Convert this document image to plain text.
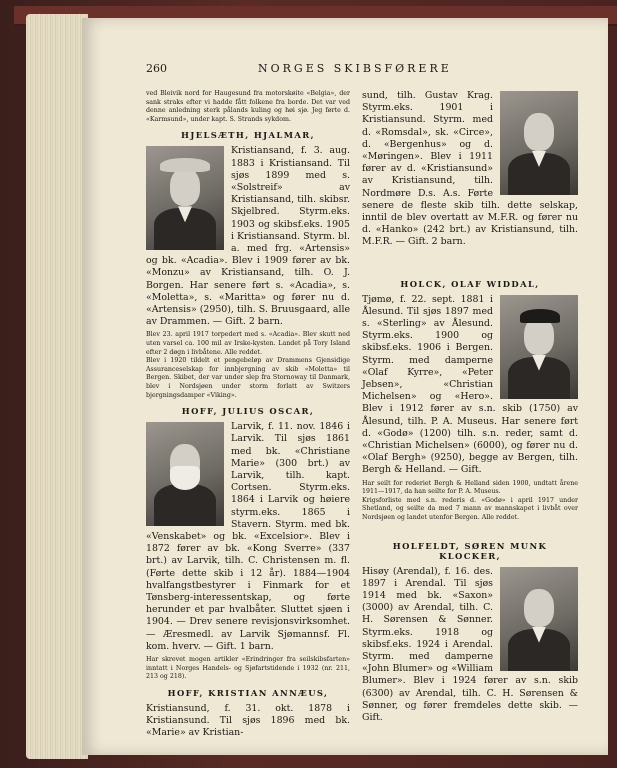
260	NORGES SKIBSFØRERE

ved Bleivik nord for Haugesund fra motorskøite «Belgia», der sank straks efter vi hadde fått folkene fra borde. Det var ved denne anledning sterk pålands kuling og høi sjø. Jeg førte d. «Karmsund», under kapt. S. Strands sykdom.

HJELSÆTH, HJALMAR,

Kristiansand, f. 3. aug. 1883 i Kristiansand. Til sjøs 1899 med s. «Solstreif» av Kristiansand, tilh. skibsr. Skjelbred. Styrm.eks. 1903 og skibsf.eks. 1905 i Kristiansand. Styrm. bl. a. med frg. «Artensis» og bk. «Acadia». Blev i 1909 fører av bk. «Monzu» av Kristiansand, tilh. O. J. Borgen. Har senere ført s. «Acadia», s. «Moletta», s. «Maritta» og fører nu d. «Artensis» (2950), tilh. S. Bruusgaard, alle av Drammen. — Gift. 2 barn.

Blev 23. april 1917 torpedert med s. «Acadia». Blev skutt ned uten varsel ca. 100 mil av Irske-kysten. Landet på Tory Island efter 2 døgn i livbåtene. Alle reddet.

Blev i 1920 tildelt et pengebeløp av Drammens Gjensidige Assuranceselskap for innbjergning av skib «Moletta» til Bergen. Skibet, der var under slep fra Stornoway til Danmark, blev i Nordsjøen under storm forlatt av Switzers bjergningsdamper «Viking».

HOFF, JULIUS OSCAR,

Larvik, f. 11. nov. 1846 i Larvik. Til sjøs 1861 med bk. «Christiane Marie» (300 brt.) av Larvik, tilh. kapt. Cortsen. Styrm.eks. 1864 i Larvik og høiere styrm.eks. 1865 i Stavern. Styrm. med bk. «Venskabet» og bk. «Excelsior». Blev i 1872 fører av bk. «Kong Sverre» (337 brt.) av Larvik, tilh. C. Christensen m. fl. (Førte dette skib i 12 år). 1884—1904 hvalfangstbestyrer i Finmark for et Tønsberg-interessentskap, og førte herunder et par hvalbåter. Sluttet sjøen i 1904. — Drev senere revisjonsvirksomhet. — Æresmedl. av Larvik Sjømannsf. Fl. kom. hverv. — Gift. 1 barn.

Har skrevet mogen artikler «Erindringer fra seilskibsfarten» inntatt i Norges Handels- og Sjøfartstidende i 1932 (nr. 211, 213 og 218).

HOFF, KRISTIAN ANNÆUS,

Kristiansund, f. 31. okt. 1878 i Kristiansund. Til sjøs 1896 med bk. «Marie» av Kristian-

sund, tilh. Gustav Krag. Styrm.eks. 1901 i Kristiansund. Styrm. med d. «Romsdal», sk. «Circe», d. «Bergenhus» og d. «Møringen». Blev i 1911 fører av d. «Kristiansund» av Kristiansund, tilh. Nordmøre D.s. A.s. Førte senere de fleste skib tilh. dette selskap, inntil de blev overtatt av M.F.R. og fører nu d. «Hanko» (242 brt.) av Kristiansund, tilh. M.F.R. — Gift. 2 barn.

HOLCK, OLAF WIDDAL,

Tjømø, f. 22. sept. 1881 i Ålesund. Til sjøs 1897 med s. «Sterling» av Ålesund. Styrm.eks. 1900 og skibsf.eks. 1906 i Bergen. Styrm. med damperne «Olaf Kyrre», «Peter Jebsen», «Christian Michelsen» og «Hero». Blev i 1912 fører av s.n. skib (1750) av Ålesund, tilh. P. A. Museus. Har senere ført d. «Godø» (1200) tilh. s.n. reder, samt d. «Christian Michelsen» (6000), og fører nu d. «Olaf Bergh» (9250), begge av Bergen, tilh. Bergh & Helland. — Gift.

Har seilt for rederiet Bergh & Helland siden 1900, undtatt årene 1911—1917, da han seilte for P. A. Museus.

Krigsforliste med s.n. rederis d. «Godø» i april 1917 under Shetland, og seilte da med 7 mann av mannskapet i livbåt over Nordsjøen og landet utenfor Bergen. Alle reddet.

HOLFELDT, SØREN MUNK KLOCKER,

Hisøy (Arendal), f. 16. des. 1897 i Arendal. Til sjøs 1914 med bk. «Saxon» (3000) av Arendal, tilh. C. H. Sørensen & Sønner. Styrm.eks. 1918 og skibsf.eks. 1924 i Arendal. Styrm. med damperne «John Blumer» og «William Blumer». Blev i 1924 fører av s.n. skib (6300) av Arendal, tilh. C. H. Sørensen & Sønner, og fører fremdeles dette skib. — Gift.
